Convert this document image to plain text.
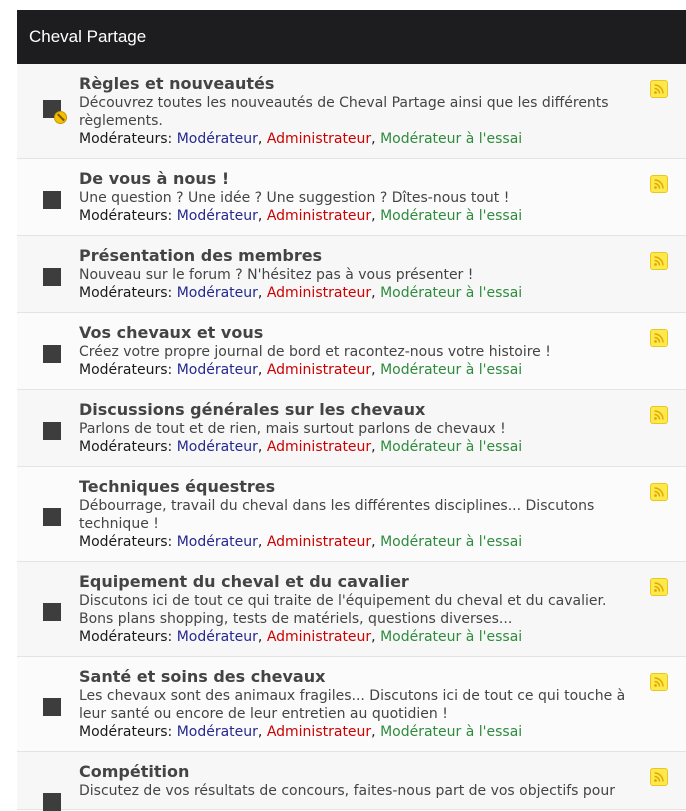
Cheval Partage
Règles et nouveautés
Découvrez toutes les nouveautés de Cheval Partage ainsi que les différents règlements.
Modérateurs: Modérateur, Administrateur, Modérateur à l'essai
De vous à nous !
Une question ? Une idée ? Une suggestion ? Dîtes-nous tout !
Modérateurs: Modérateur, Administrateur, Modérateur à l'essai
Présentation des membres
Nouveau sur le forum ? N'hésitez pas à vous présenter !
Modérateurs: Modérateur, Administrateur, Modérateur à l'essai
Vos chevaux et vous
Créez votre propre journal de bord et racontez-nous votre histoire !
Modérateurs: Modérateur, Administrateur, Modérateur à l'essai
Discussions générales sur les chevaux
Parlons de tout et de rien, mais surtout parlons de chevaux !
Modérateurs: Modérateur, Administrateur, Modérateur à l'essai
Techniques équestres
Débourrage, travail du cheval dans les différentes disciplines... Discutons technique !
Modérateurs: Modérateur, Administrateur, Modérateur à l'essai
Equipement du cheval et du cavalier
Discutons ici de tout ce qui traite de l'équipement du cheval et du cavalier. Bons plans shopping, tests de matériels, questions diverses...
Modérateurs: Modérateur, Administrateur, Modérateur à l'essai
Santé et soins des chevaux
Les chevaux sont des animaux fragiles... Discutons ici de tout ce qui touche à leur santé ou encore de leur entretien au quotidien !
Modérateurs: Modérateur, Administrateur, Modérateur à l'essai
Compétition
Discutez de vos résultats de concours, faites-nous part de vos objectifs pour
